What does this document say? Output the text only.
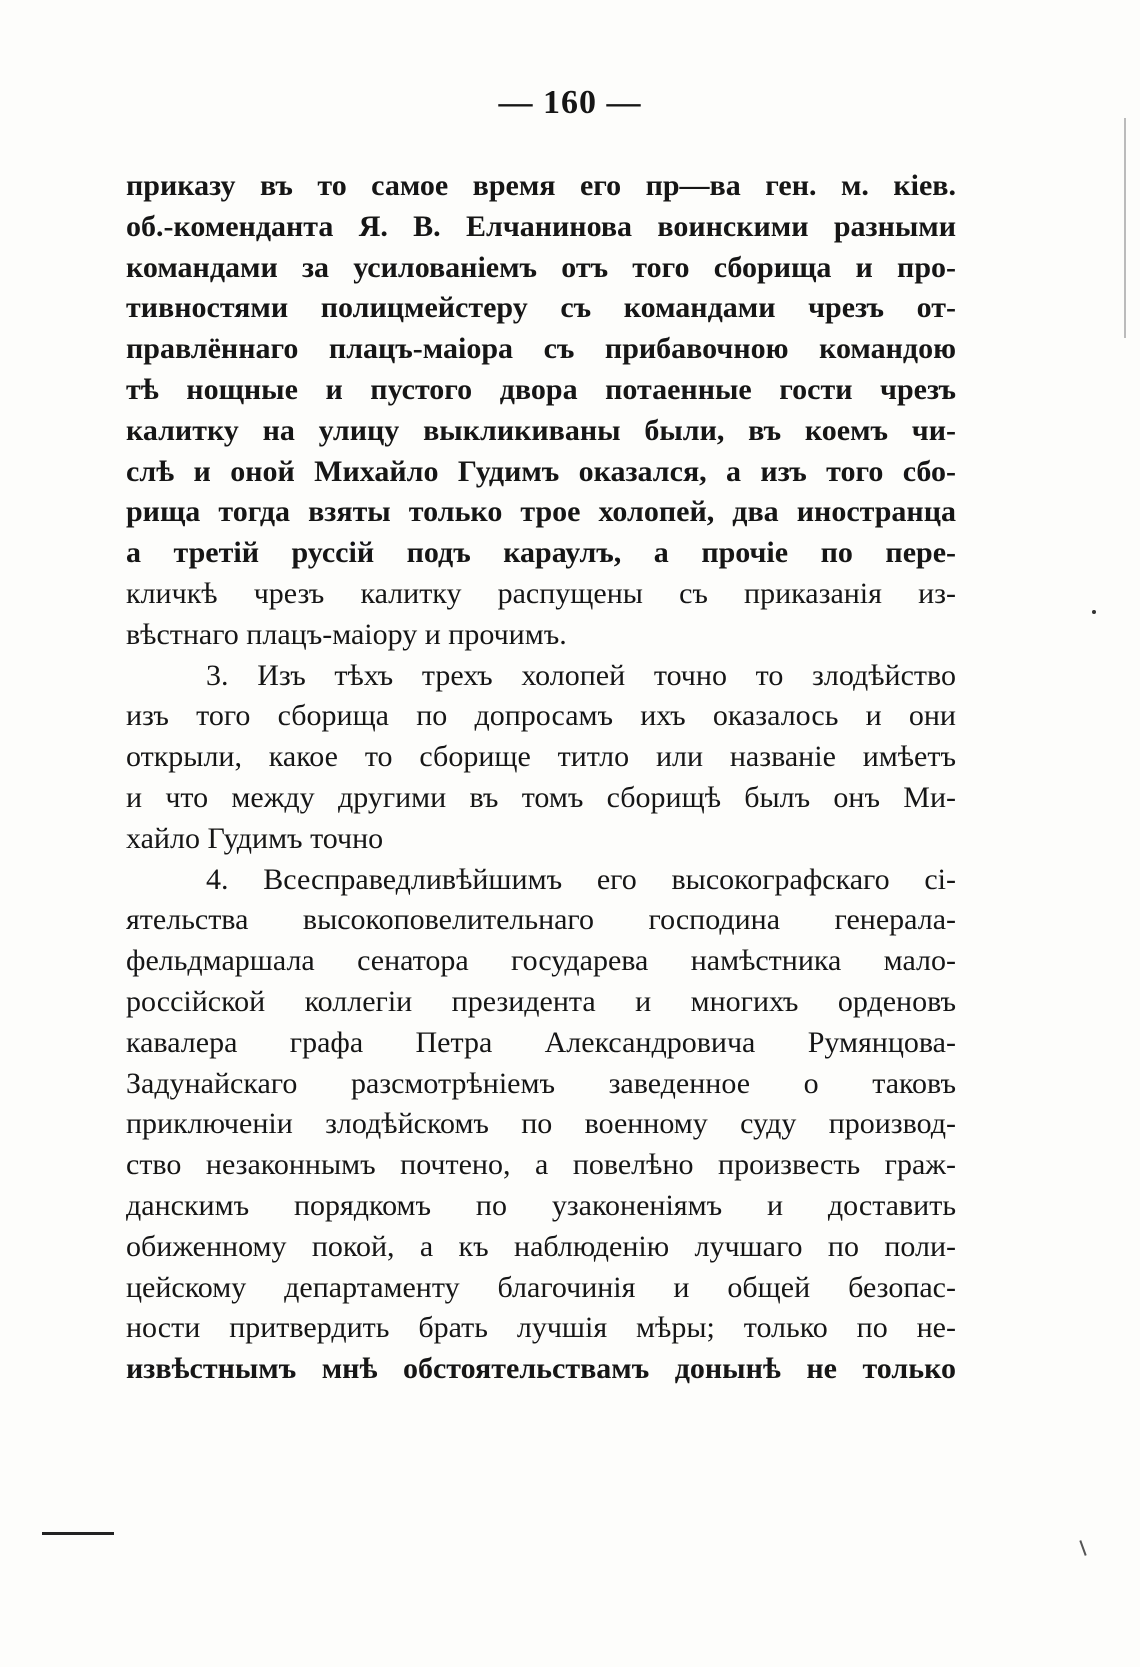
— 160 —
приказу въ то самое время его пр—ва ген. м. кiев.
об.-коменданта Я. В. Елчанинова воинскими разными
командами за усилованiемъ отъ того сборища и про-
тивностями полицмейстеру съ командами чрезъ от-
правлённаго плацъ-маiора съ прибавочною командою
тѣ нощные и пустого двора потаенные гости чрезъ
калитку на улицу выкликиваны были, въ коемъ чи-
слѣ и оной Михайло Гудимъ оказался, а изъ того сбо-
рища тогда взяты только трое холопей, два иностранца
а третiй руссiй подъ караулъ, а прочiе по пере-
кличкѣ чрезъ калитку распущены съ приказанiя из-
вѣстнаго плацъ-маiору и прочимъ.
3. Изъ тѣхъ трехъ холопей точно то злодѣйство
изъ того сборища по допросамъ ихъ оказалось и они
открыли, какое то сборище титло или названiе имѣетъ
и что между другими въ томъ сборищѣ былъ онъ Ми-
хайло Гудимъ точно
4. Всесправедливѣйшимъ его высокографскаго сi-
ятельства высокоповелительнаго господина генерала-
фельдмаршала сенатора государева намѣстника мало-
россiйской коллегiи президента и многихъ орденовъ
кавалера графа Петра Александровича Румянцова-
Задунайскаго разсмотрѣнiемъ заведенное о таковъ
приключенiи злодѣйскомъ по военному суду производ-
ство незаконнымъ почтено, а повелѣно произвесть граж-
данскимъ порядкомъ по узаконенiямъ и доставить
обиженному покой, а къ наблюденiю лучшаго по поли-
цейскому департаменту благочинiя и общей безопас-
ности притвердить брать лучшiя мѣры; только по не-
извѣстнымъ мнѣ обстоятельствамъ донынѣ не только
